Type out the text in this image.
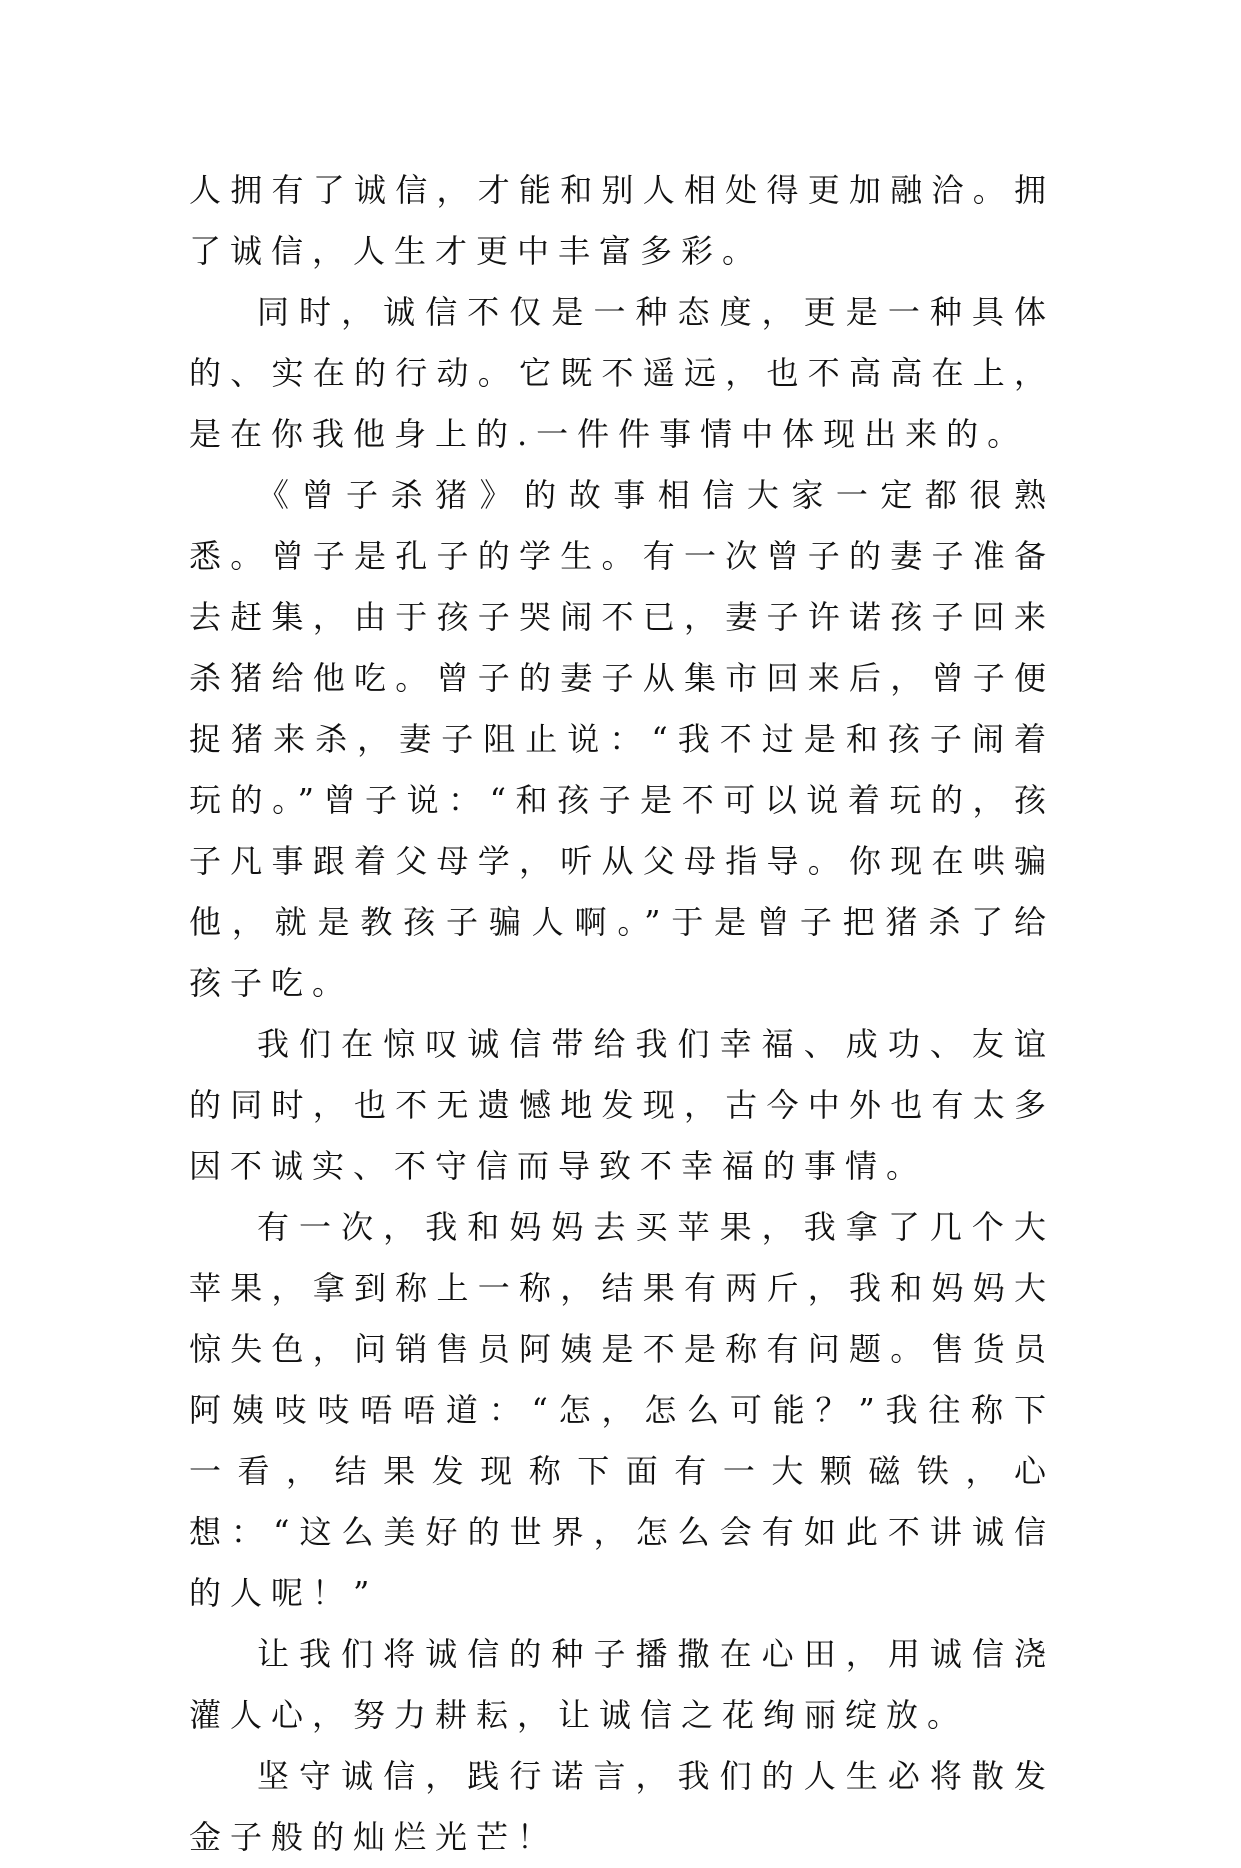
人拥有了诚信，才能和别人相处得更加融洽。拥了诚信，人生才更中丰富多彩。

同时，诚信不仅是一种态度，更是一种具体的、实在的行动。它既不遥远，也不高高在上，是在你我他身上的.一件件事情中体现出来的。

《曾子杀猪》的故事相信大家一定都很熟悉。曾子是孔子的学生。有一次曾子的妻子准备去赶集，由于孩子哭闹不已，妻子许诺孩子回来杀猪给他吃。曾子的妻子从集市回来后，曾子便捉猪来杀，妻子阻止说：“我不过是和孩子闹着玩的。”曾子说：“和孩子是不可以说着玩的，孩子凡事跟着父母学，听从父母指导。你现在哄骗他，就是教孩子骗人啊。”于是曾子把猪杀了给孩子吃。

我们在惊叹诚信带给我们幸福、成功、友谊的同时，也不无遗憾地发现，古今中外也有太多因不诚实、不守信而导致不幸福的事情。

有一次，我和妈妈去买苹果，我拿了几个大苹果，拿到称上一称，结果有两斤，我和妈妈大惊失色，问销售员阿姨是不是称有问题。售货员阿姨吱吱唔唔道：“怎，怎么可能？”我往称下一看，结果发现称下面有一大颗磁铁，心想：“这么美好的世界，怎么会有如此不讲诚信的人呢！”

让我们将诚信的种子播撒在心田，用诚信浇灌人心，努力耕耘，让诚信之花绚丽绽放。

坚守诚信，践行诺言，我们的人生必将散发金子般的灿烂光芒！
